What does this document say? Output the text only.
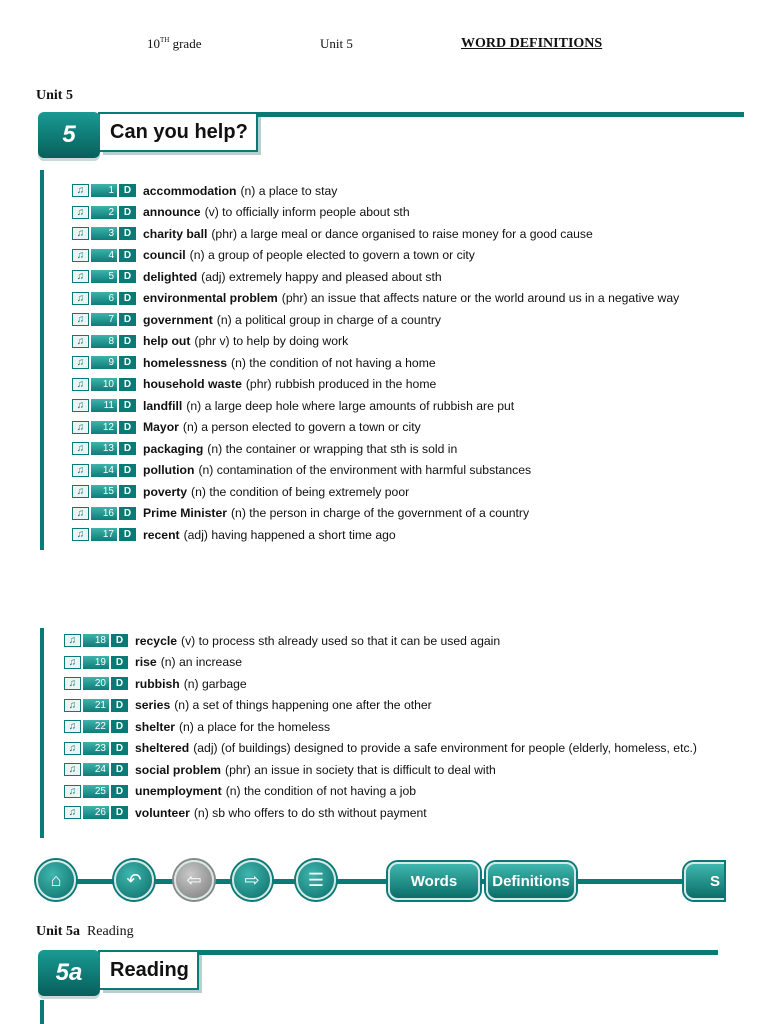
10TH grade	Unit 5	WORD DEFINITIONS
Unit 5
5	Can you help?
♫	1 D accommodation (n) a place to stay
♫	2 D announce (v) to officially inform people about sth
♫	3 D charity ball (phr) a large meal or dance organised to raise money for a good cause
♫	4 D council (n) a group of people elected to govern a town or city
♫	5 D delighted (adj) extremely happy and pleased about sth
♫	6 D environmental problem (phr) an issue that affects nature or the world around us in a negative way
♫	7 D government (n) a political group in charge of a country
♫	8 D help out (phr v) to help by doing work
♫	9 D homelessness (n) the condition of not having a home
♫	10 D household waste (phr) rubbish produced in the home
♫	11 D landfill (n) a large deep hole where large amounts of rubbish are put
♫	12 D Mayor (n) a person elected to govern a town or city
♫	13 D packaging (n) the container or wrapping that sth is sold in
♫	14 D pollution (n) contamination of the environment with harmful substances
♫	15 D poverty (n) the condition of being extremely poor
♫	16 D Prime Minister (n) the person in charge of the government of a country
♫	17 D recent (adj) having happened a short time ago
♫	18 D recycle (v) to process sth already used so that it can be used again
♫	19 D rise (n) an increase
♫	20 D rubbish (n) garbage
♫	21 D series (n) a set of things happening one after the other
♫	22 D shelter (n) a place for the homeless
♫	23 D sheltered (adj) (of buildings) designed to provide a safe environment for people (elderly, homeless, etc.)
♫	24 D social problem (phr) an issue in society that is difficult to deal with
♫	25 D unemployment (n) the condition of not having a job
♫	26 D volunteer (n) sb who offers to do sth without payment
⌂	↶ ⇦ ⇨	☰	Words	Definitions	S
Unit 5a Reading
5a	Reading
